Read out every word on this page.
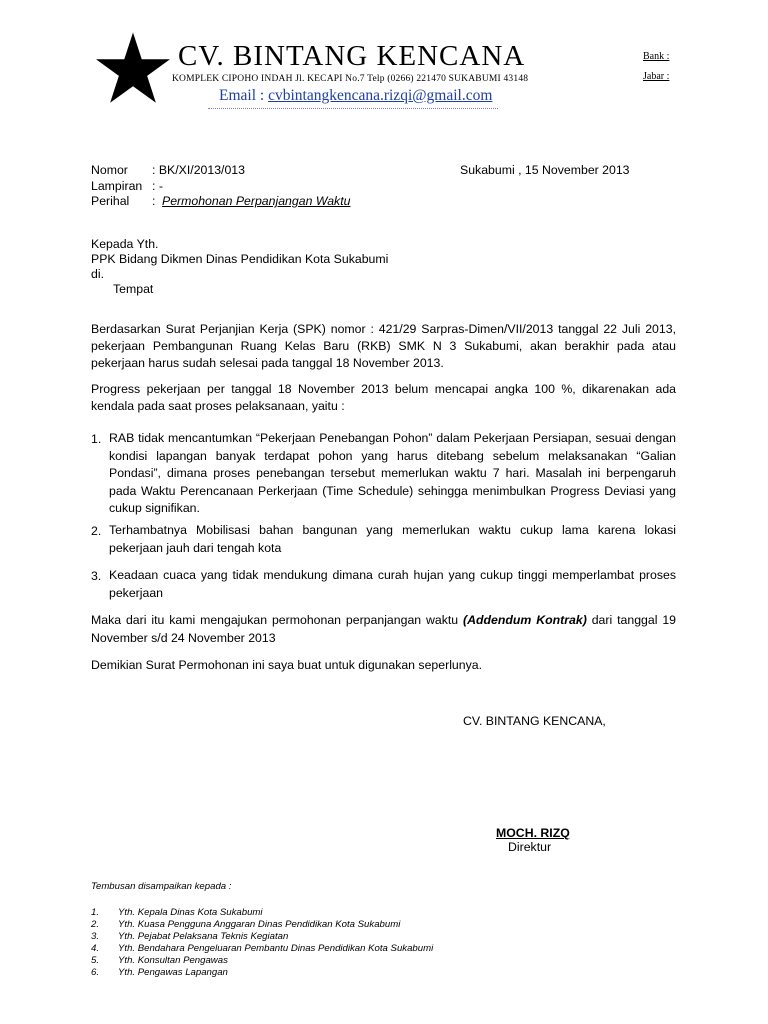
CV. BINTANG KENCANA
KOMPLEK CIPOHO INDAH Jl. KECAPI No.7 Telp (0266) 221470 SUKABUMI 43148
Email : cvbintangkencana.rizqi@gmail.com
Bank :
Jabar :
Nomor : BK/XI/2013/013	Sukabumi , 15 November 2013
Lampiran : -
Perihal : Permohonan Perpanjangan Waktu
Kepada Yth.
PPK Bidang Dikmen Dinas Pendidikan Kota Sukabumi
di.
Tempat
Berdasarkan Surat Perjanjian Kerja (SPK) nomor : 421/29 Sarpras-Dimen/VII/2013 tanggal 22 Juli 2013, pekerjaan Pembangunan Ruang Kelas Baru (RKB) SMK N 3 Sukabumi, akan berakhir pada atau pekerjaan harus sudah selesai pada tanggal 18 November 2013.
Progress pekerjaan per tanggal 18 November 2013 belum mencapai angka 100 %, dikarenakan ada kendala pada saat proses pelaksanaan, yaitu :
1. RAB tidak mencantumkan “Pekerjaan Penebangan Pohon” dalam Pekerjaan Persiapan, sesuai dengan kondisi lapangan banyak terdapat pohon yang harus ditebang sebelum melaksanakan “Galian Pondasi”, dimana proses penebangan tersebut memerlukan waktu 7 hari. Masalah ini berpengaruh pada Waktu Perencanaan Perkerjaan (Time Schedule) sehingga menimbulkan Progress Deviasi yang cukup signifikan.
2. Terhambatnya Mobilisasi bahan bangunan yang memerlukan waktu cukup lama karena lokasi pekerjaan jauh dari tengah kota
3. Keadaan cuaca yang tidak mendukung dimana curah hujan yang cukup tinggi memperlambat proses pekerjaan
Maka dari itu kami mengajukan permohonan perpanjangan waktu (Addendum Kontrak) dari tanggal 19 November s/d 24 November 2013
Demikian Surat Permohonan ini saya buat untuk digunakan seperlunya.
CV. BINTANG KENCANA,
MOCH. RIZQ
Direktur
Tembusan disampaikan kepada :
1. Yth. Kepala Dinas Kota Sukabumi
2. Yth. Kuasa Pengguna Anggaran Dinas Pendidikan Kota Sukabumi
3. Yth. Pejabat Pelaksana Teknis Kegiatan
4. Yth. Bendahara Pengeluaran Pembantu Dinas Pendidikan Kota Sukabumi
5. Yth. Konsultan Pengawas
6. Yth. Pengawas Lapangan
